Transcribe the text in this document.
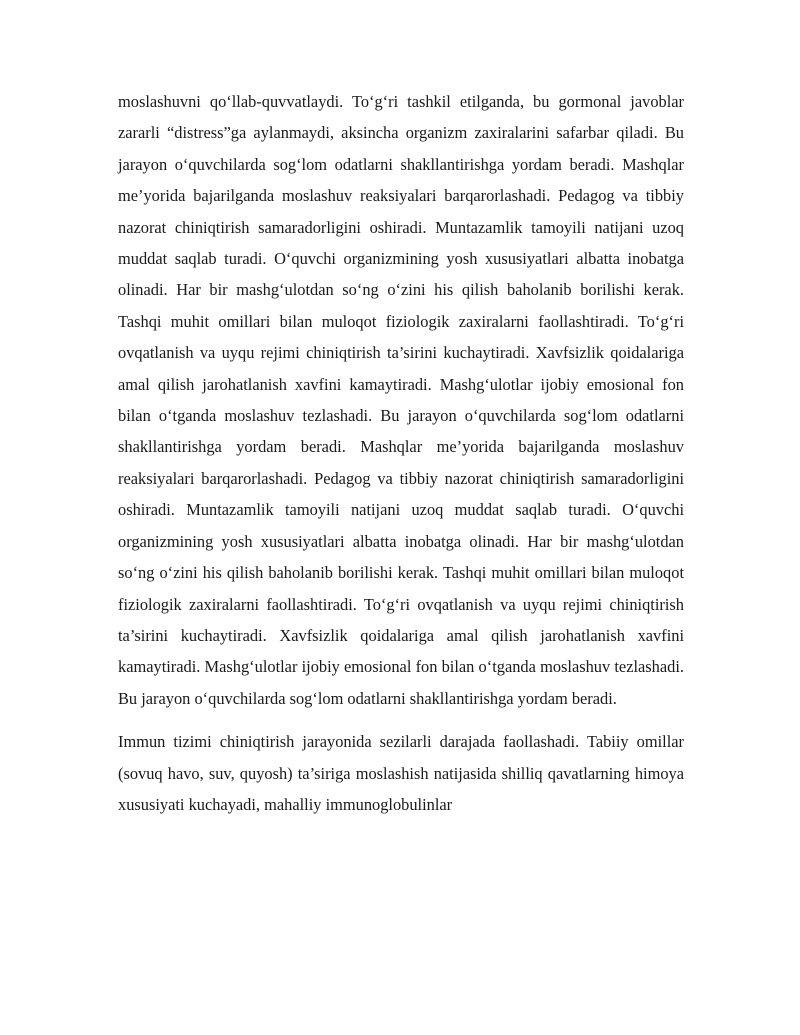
moslashuvni qo‘llab-quvvatlaydi. To‘g‘ri tashkil etilganda, bu gormonal javoblar zararli “distress”ga aylanmaydi, aksincha organizm zaxiralarini safarbar qiladi. Bu jarayon o‘quvchilarda sog‘lom odatlarni shakllantirishga yordam beradi. Mashqlar me’yorida bajarilganda moslashuv reaksiyalari barqarorlashadi. Pedagog va tibbiy nazorat chiniqtirish samaradorligini oshiradi. Muntazamlik tamoyili natijani uzoq muddat saqlab turadi. O‘quvchi organizmining yosh xususiyatlari albatta inobatga olinadi. Har bir mashg‘ulotdan so‘ng o‘zini his qilish baholanib borilishi kerak. Tashqi muhit omillari bilan muloqot fiziologik zaxiralarni faollashtiradi. To‘g‘ri ovqatlanish va uyqu rejimi chiniqtirish ta’sirini kuchaytiradi. Xavfsizlik qoidalariga amal qilish jarohatlanish xavfini kamaytiradi. Mashg‘ulotlar ijobiy emosional fon bilan o‘tganda moslashuv tezlashadi. Bu jarayon o‘quvchilarda sog‘lom odatlarni shakllantirishga yordam beradi. Mashqlar me’yorida bajarilganda moslashuv reaksiyalari barqarorlashadi. Pedagog va tibbiy nazorat chiniqtirish samaradorligini oshiradi. Muntazamlik tamoyili natijani uzoq muddat saqlab turadi. O‘quvchi organizmining yosh xususiyatlari albatta inobatga olinadi. Har bir mashg‘ulotdan so‘ng o‘zini his qilish baholanib borilishi kerak. Tashqi muhit omillari bilan muloqot fiziologik zaxiralarni faollashtiradi. To‘g‘ri ovqatlanish va uyqu rejimi chiniqtirish ta’sirini kuchaytiradi. Xavfsizlik qoidalariga amal qilish jarohatlanish xavfini kamaytiradi. Mashg‘ulotlar ijobiy emosional fon bilan o‘tganda moslashuv tezlashadi. Bu jarayon o‘quvchilarda sog‘lom odatlarni shakllantirishga yordam beradi.

Immun tizimi chiniqtirish jarayonida sezilarli darajada faollashadi. Tabiiy omillar (sovuq havo, suv, quyosh) ta’siriga moslashish natijasida shilliq qavatlarning himoya xususiyati kuchayadi, mahalliy immunoglobulinlar
